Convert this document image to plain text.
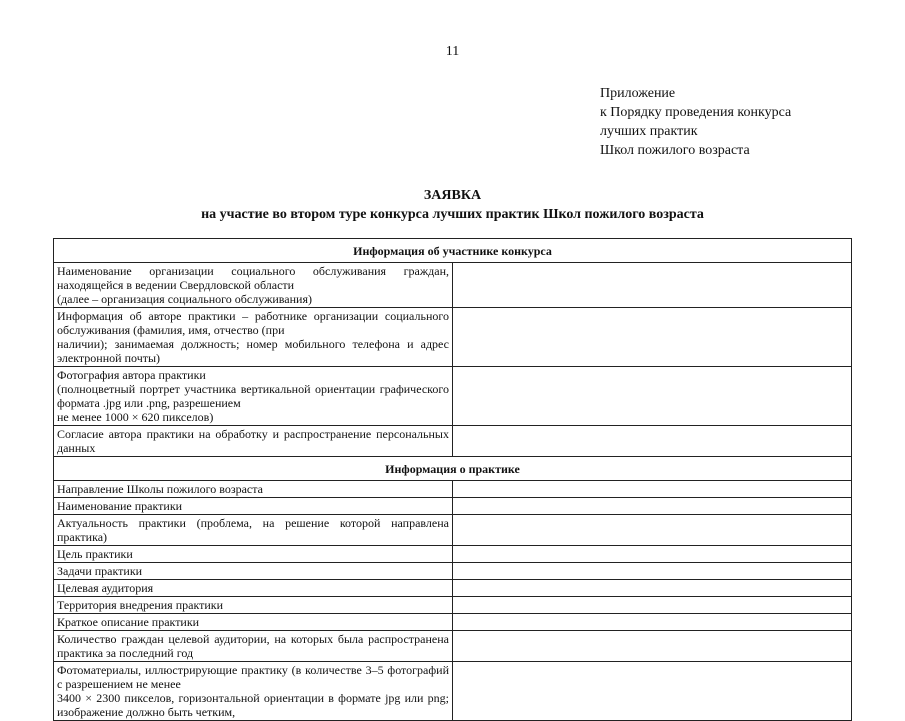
11
Приложение
к Порядку проведения конкурса
лучших практик
Школ пожилого возраста
ЗАЯВКА
на участие во втором туре конкурса лучших практик Школ пожилого возраста
Информация об участнике конкурса	

Наименование организации социального обслуживания граждан, находящейся в ведении Свердловской области
(далее – организация социального обслуживания)	

Информация об авторе практики – работнике организации социального обслуживания (фамилия, имя, отчество (при
наличии); занимаемая должность; номер мобильного телефона и адрес электронной почты)	

Фотография автора практики
(полноцветный портрет участника вертикальной ориентации графического формата .jpg или .png, разрешением
не менее 1000 × 620 пикселов)	

Согласие автора практики на обработку и распространение персональных данных	

Информация о практике	

Направление Школы пожилого возраста	

Наименование практики	

Актуальность практики (проблема, на решение которой направлена практика)	

Цель практики	

Задачи практики	

Целевая аудитория	

Территория внедрения практики	

Краткое описание практики	

Количество граждан целевой аудитории, на которых была распространена практика за последний год	

Фотоматериалы, иллюстрирующие практику (в количестве 3–5 фотографий с разрешением не менее
3400 × 2300 пикселов, горизонтальной ориентации в формате jpg или png; изображение должно быть четким,	
